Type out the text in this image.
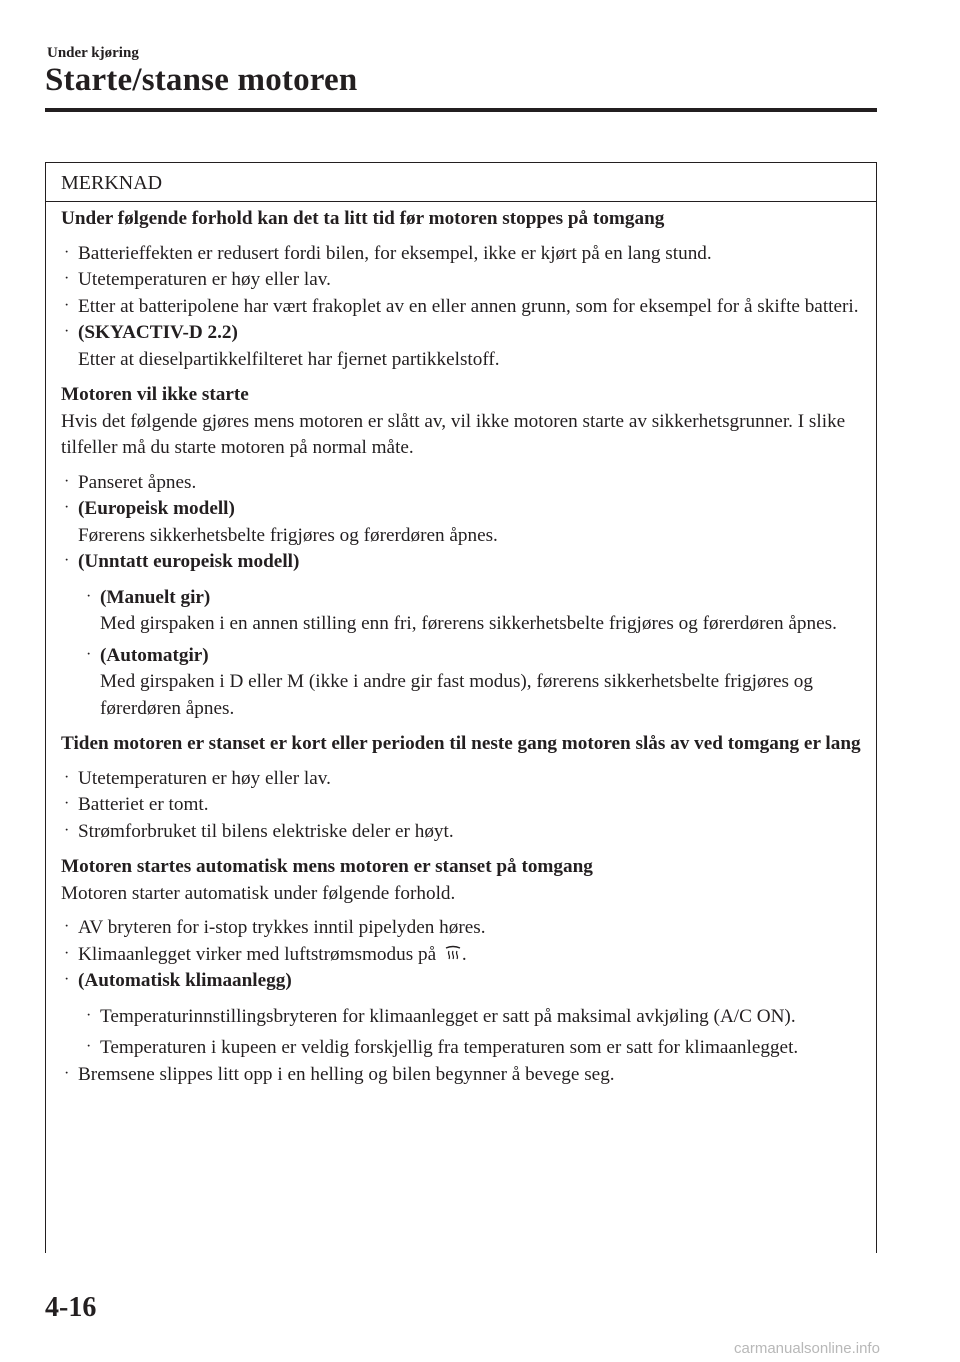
Under kjøring
Starte/stanse motoren
MERKNAD

Under følgende forhold kan det ta litt tid før motoren stoppes på tomgang

· Batterieffekten er redusert fordi bilen, for eksempel, ikke er kjørt på en lang stund.
· Utetemperaturen er høy eller lav.
· Etter at batteripolene har vært frakoplet av en eller annen grunn, som for eksempel for å skifte batteri.
· (SKYACTIV-D 2.2)
Etter at dieselpartikkelfilteret har fjernet partikkelstoff.

Motoren vil ikke starte

Hvis det følgende gjøres mens motoren er slått av, vil ikke motoren starte av sikkerhetsgrunner. I slike tilfeller må du starte motoren på normal måte.

· Panseret åpnes.
· (Europeisk modell)
Førerens sikkerhetsbelte frigjøres og førerdøren åpnes.
· (Unntatt europeisk modell)
· (Manuelt gir)
Med girspaken i en annen stilling enn fri, førerens sikkerhetsbelte frigjøres og førerdøren åpnes.
· (Automatgir)
Med girspaken i D eller M (ikke i andre gir fast modus), førerens sikkerhetsbelte frigjøres og førerdøren åpnes.

Tiden motoren er stanset er kort eller perioden til neste gang motoren slås av ved tomgang er lang

· Utetemperaturen er høy eller lav.
· Batteriet er tomt.
· Strømforbruket til bilens elektriske deler er høyt.

Motoren startes automatisk mens motoren er stanset på tomgang

Motoren starter automatisk under følgende forhold.

· AV bryteren for i-stop trykkes inntil pipelyden høres.
· Klimaanlegget virker med luftstrømsmodus på .
· (Automatisk klimaanlegg)
· Temperaturinnstillingsbryteren for klimaanlegget er satt på maksimal avkjøling (A/C ON).
· Temperaturen i kupeen er veldig forskjellig fra temperaturen som er satt for klimaanlegget.
· Bremsene slippes litt opp i en helling og bilen begynner å bevege seg.
4-16
carmanualsonline.info
